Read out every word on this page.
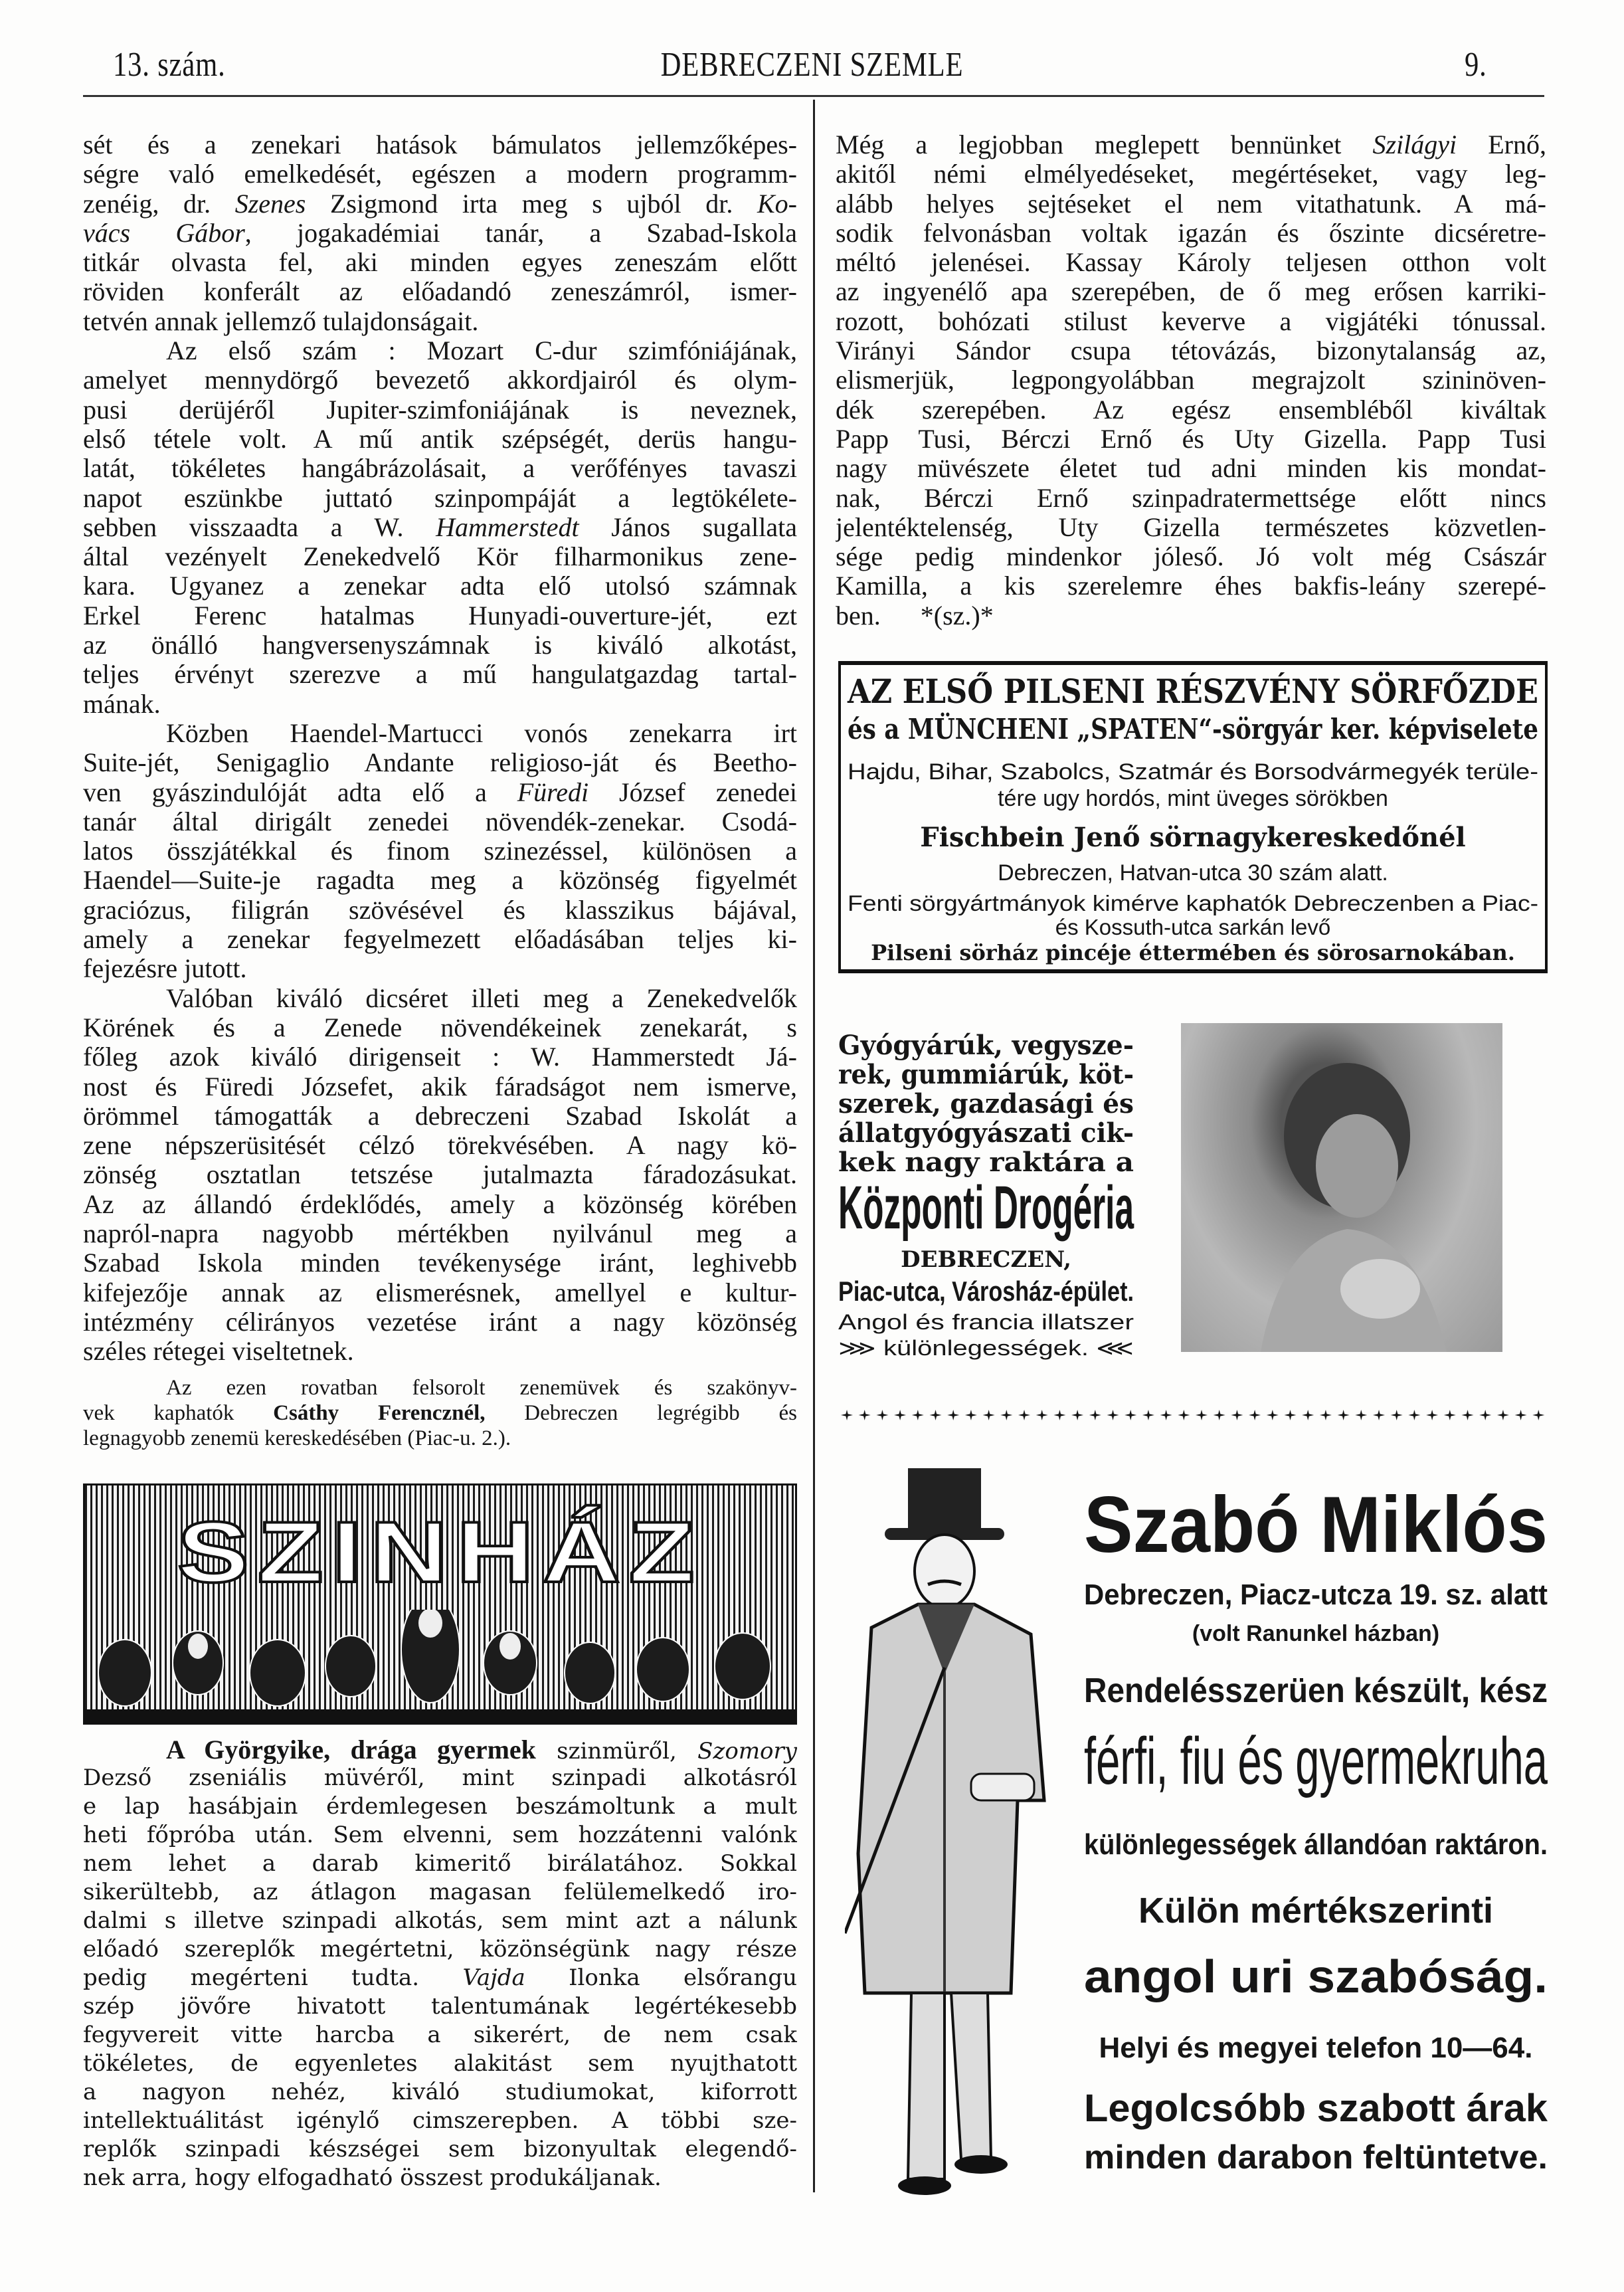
13. szám.	DEBRECZENI SZEMLE	9.
sét és a zenekari hatások bámulatos jellemzőképes-
ségre való emelkedését, egészen a modern programm-
zenéig, dr. Szenes Zsigmond irta meg s ujból dr. Ko-
vács Gábor, jogakadémiai tanár, a Szabad-Iskola
titkár olvasta fel, aki minden egyes zeneszám előtt
röviden konferált az előadandó zeneszámról, ismer-
tetvén annak jellemző tulajdonságait.
Az első szám : Mozart C-dur szimfóniájának,
amelyet mennydörgő bevezető akkordjairól és olym-
pusi derüjéről Jupiter-szimfoniájának is neveznek,
első tétele volt. A mű antik szépségét, derüs hangu-
latát, tökéletes hangábrázolásait, a verőfényes tavaszi
napot eszünkbe juttató szinpompáját a legtökélete-
sebben visszaadta a W. Hammerstedt János sugallata
által vezényelt Zenekedvelő Kör filharmonikus zene-
kara. Ugyanez a zenekar adta elő utolsó számnak
Erkel Ferenc hatalmas Hunyadi-ouverture-jét, ezt
az önálló hangversenyszámnak is kiváló alkotást,
teljes érvényt szerezve a mű hangulatgazdag tartal-
mának.
Közben Haendel-Martucci vonós zenekarra irt
Suite-jét, Senigaglio Andante religioso-ját és Beetho-
ven gyászindulóját adta elő a Füredi József zenedei
tanár által dirigált zenedei növendék-zenekar. Csodá-
latos összjátékkal és finom szinezéssel, különösen a
Haendel—Suite-je ragadta meg a közönség figyelmét
graciózus, filigrán szövésével és klasszikus bájával,
amely a zenekar fegyelmezett előadásában teljes ki-
fejezésre jutott.
Valóban kiváló dicséret illeti meg a Zenekedvelők
Körének és a Zenede növendékeinek zenekarát, s
főleg azok kiváló dirigenseit : W. Hammerstedt Já-
nost és Füredi Józsefet, akik fáradságot nem ismerve,
örömmel támogatták a debreczeni Szabad Iskolát a
zene népszerüsitését célzó törekvésében. A nagy kö-
zönség osztatlan tetszése jutalmazta fáradozásukat.
Az az állandó érdeklődés, amely a közönség körében
napról-napra nagyobb mértékben nyilvánul meg a
Szabad Iskola minden tevékenysége iránt, leghivebb
kifejezője annak az elismerésnek, amellyel e kultur-
intézmény célirányos vezetése iránt a nagy közönség
széles rétegei viseltetnek.
Az ezen rovatban felsorolt zenemüvek és szakönyv-
vek kaphatók Csáthy Ferencznél, Debreczen legrégibb és
legnagyobb zenemü kereskedésében (Piac-u. 2.).
SZINHÁZ
A Györgyike, drága gyermek szinmüről, Szomory
Dezső zseniális müvéről, mint szinpadi alkotásról
e lap hasábjain érdemlegesen beszámoltunk a mult
heti főpróba után. Sem elvenni, sem hozzátenni valónk
nem lehet a darab kimeritő birálatához. Sokkal
sikerültebb, az átlagon magasan felülemelkedő iro-
dalmi s illetve szinpadi alkotás, sem mint azt a nálunk
előadó szereplők megértetni, közönségünk nagy része
pedig megérteni tudta. Vajda Ilonka elsőrangu
szép jövőre hivatott talentumának legértékesebb
fegyvereit vitte harcba a sikerért, de nem csak
tökéletes, de egyenletes alakitást sem nyujthatott
a nagyon nehéz, kiváló studiumokat, kiforrott
intellektuálitást igénylő cimszerepben. A többi sze-
replők szinpadi készségei sem bizonyultak elegendő-
nek arra, hogy elfogadható összest produkáljanak.
Még a legjobban meglepett bennünket Szilágyi Ernő,
akitől némi elmélyedéseket, megértéseket, vagy leg-
alább helyes sejtéseket el nem vitathatunk. A má-
sodik felvonásban voltak igazán és őszinte dicséretre-
méltó jelenései. Kassay Károly teljesen otthon volt
az ingyenélő apa szerepében, de ő meg erősen karriki-
rozott, bohózati stilust keverve a vigjátéki tónussal.
Virányi Sándor csupa tétovázás, bizonytalanság az,
elismerjük, legpongyolábban megrajzolt szininöven-
dék szerepében. Az egész ensembléből kiváltak
Papp Tusi, Bérczi Ernő és Uty Gizella. Papp Tusi
nagy müvészete életet tud adni minden kis mondat-
nak, Bérczi Ernő szinpadratermettsége előtt nincs
jelentéktelenség, Uty Gizella természetes közvetlen-
sége pedig mindenkor jóleső. Jó volt még Császár
Kamilla, a kis szerelemre éhes bakfis-leány szerepé-
ben.      *(sz.)*
AZ ELSŐ PILSENI RÉSZVÉNY SÖRFŐZDE
és a MÜNCHENI „SPATEN“-sörgyár ker. képviselete
Hajdu, Bihar, Szabolcs, Szatmár és Borsodvármegyék terüle-
tére ugy hordós, mint üveges sörökben
Fischbein Jenő sörnagykereskedőnél
Debreczen, Hatvan-utca 30 szám alatt.
Fenti sörgyártmányok kimérve kaphatók Debreczenben a Piac-
és Kossuth-utca sarkán levő
Pilseni sörház pincéje éttermében és sörosarnokában.
Gyógyárúk, vegysze-
rek, gummiárúk, köt-
szerek, gazdasági és
állatgyógyászati cik-
kek nagy raktára a
Központi Drogéria
DEBRECZEN,
Piac-utca, Városház-épület.
Angol és francia illatszer
⋙ különlegességek. ⋘
Szabó Miklós
Debreczen, Piacz-utcza 19. sz. alatt
(volt Ranunkel házban)
Rendelésszerüen készült, kész
férfi, fiu és gyermekruha
különlegességek állandóan raktáron.
Külön mértékszerinti
angol uri szabóság.
Helyi és megyei telefon 10—64.
Legolcsóbb szabott árak
minden darabon feltüntetve.
